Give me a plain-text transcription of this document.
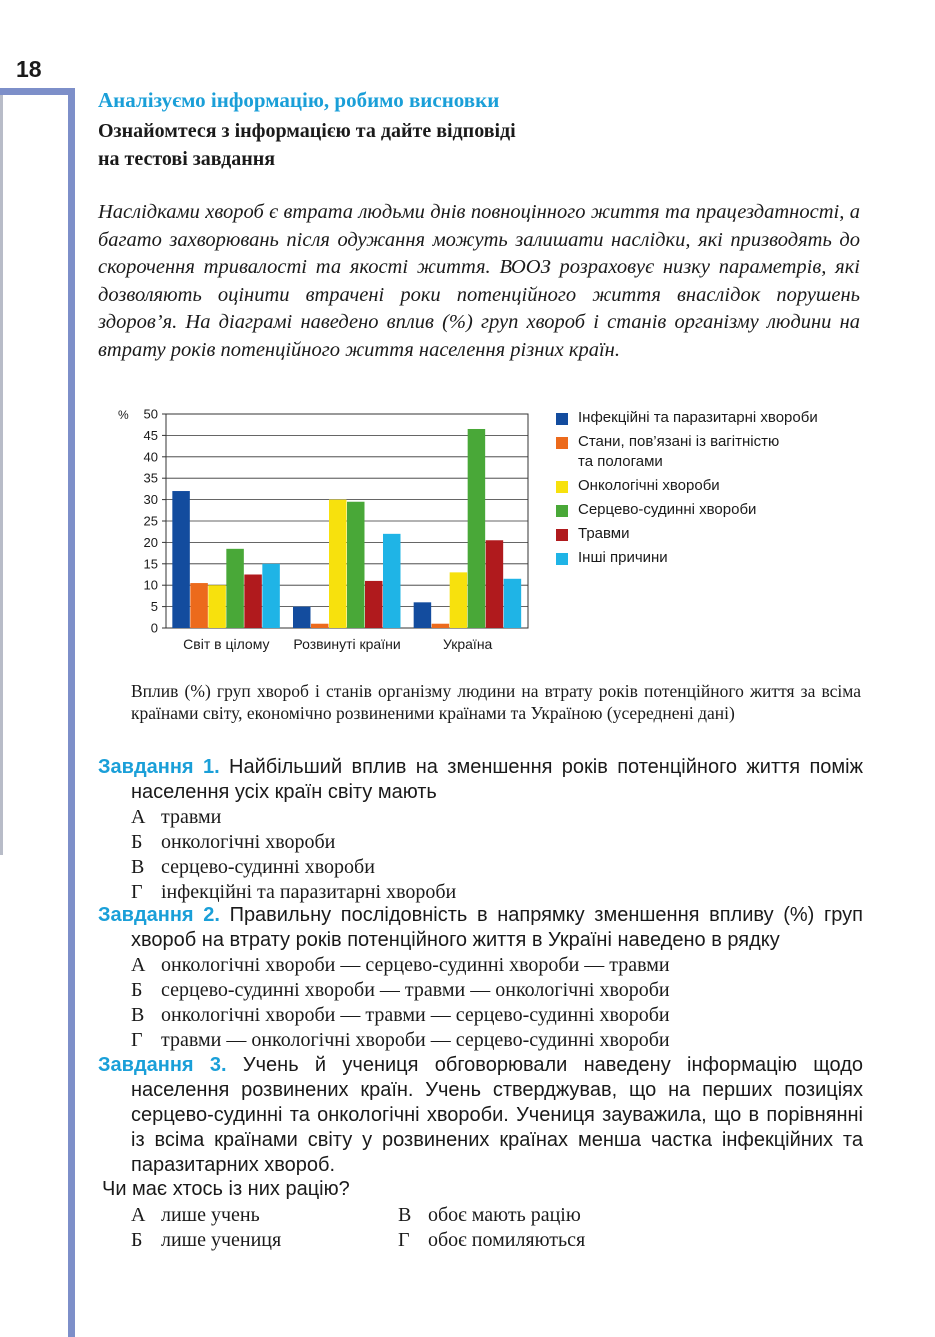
18
Аналізуємо інформацію, робимо висновки
Ознайомтеся з інформацією та дайте відповіді
на тестові завдання

Наслідками хвороб є втрата людьми днів повноцінного життя та працездатності, а багато захворювань після одужання можуть залишати наслідки, які призводять до скорочення тривалості та якості життя. ВООЗ розраховує низку параметрів, які дозволяють оцінити втрачені роки потенційного життя внаслідок порушень здоров’я. На діаграмі наведено вплив (%) груп хвороб і станів організму людини на втрату років потенційного життя населення різних країн.

0
5
10
15
20
25
30
35
40
45
50
%
Світ в цілому Розвинуті країни	Україна
Інфекційні та паразитарні хвороби
Стани, пов’язані із вагітністю
та пологами
Онкологічні хвороби
Серцево-судинні хвороби
Травми
Інші причини

Вплив (%) груп хвороб і станів організму людини на втрату років потенційного життя за всіма країнами світу, економічно розвиненими країнами та Україною (усереднені дані)

Завдання 1. Найбільший вплив на зменшення років потенційного життя поміж населення усіх країн світу мають
А травми
Б онкологічні хвороби
В серцево-судинні хвороби
Г інфекційні та паразитарні хвороби
Завдання 2. Правильну послідовність в напрямку зменшення впливу (%) груп хвороб на втрату років потенційного життя в Україні наведено в рядку
А онкологічні хвороби — серцево-судинні хвороби — травми
Б серцево-судинні хвороби — травми — онкологічні хвороби
В онкологічні хвороби — травми — серцево-судинні хвороби
Г травми — онкологічні хвороби — серцево-судинні хвороби
Завдання 3. Учень й учениця обговорювали наведену інформацію щодо населення розвинених країн. Учень стверджував, що на перших позиціях серцево-судинні та онкологічні хвороби. Учениця зауважила, що в порівнянні із всіма країнами світу у розвинених країнах менша частка інфекційних та паразитарних хвороб.
Чи має хтось із них рацію?
А лише учень	В обоє мають рацію
Б лише учениця	Г обоє помиляються
